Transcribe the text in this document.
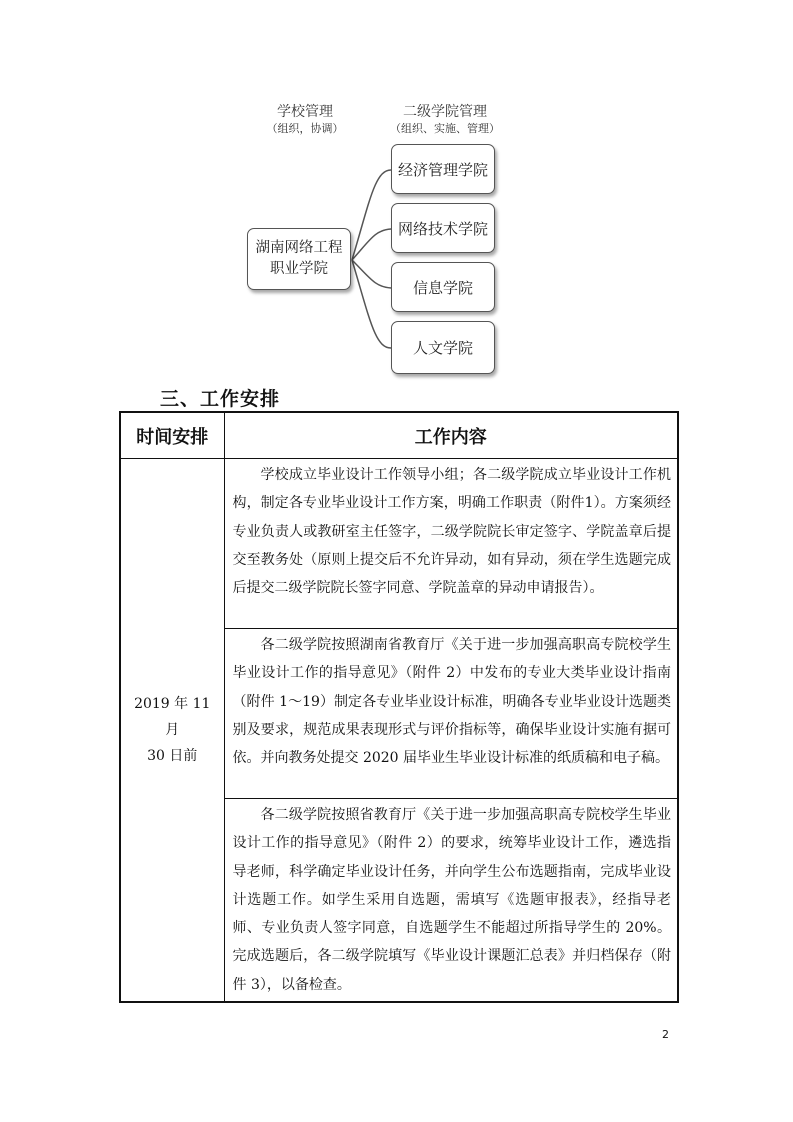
学校管理
（组织，协调）
二级学院管理
（组织、实施、管理）
湖南网络工程
职业学院
经济管理学院
网络技术学院
信息学院
人文学院
三、工作安排
时间安排	工作内容

2019 年 11 月
30 日前	学校成立毕业设计工作领导小组；各二级学院成立毕业设计工作机构，制定各专业毕业设计工作方案，明确工作职责（附件1）。方案须经专业负责人或教研室主任签字，二级学院院长审定签字、学院盖章后提交至教务处（原则上提交后不允许异动，如有异动，须在学生选题完成后提交二级学院院长签字同意、学院盖章的异动申请报告）。

	各二级学院按照湖南省教育厅《关于进一步加强高职高专院校学生毕业设计工作的指导意见》（附件 2）中发布的专业大类毕业设计指南（附件 1～19）制定各专业毕业设计标准，明确各专业毕业设计选题类别及要求，规范成果表现形式与评价指标等，确保毕业设计实施有据可依。并向教务处提交 2020 届毕业生毕业设计标准的纸质稿和电子稿。

	各二级学院按照省教育厅《关于进一步加强高职高专院校学生毕业设计工作的指导意见》（附件 2）的要求，统筹毕业设计工作，遴选指导老师，科学确定毕业设计任务，并向学生公布选题指南，完成毕业设计选题工作。如学生采用自选题，需填写《选题审报表》，经指导老师、专业负责人签字同意，自选题学生不能超过所指导学生的 20%。完成选题后，各二级学院填写《毕业设计课题汇总表》并归档保存（附件 3），以备检查。

2
